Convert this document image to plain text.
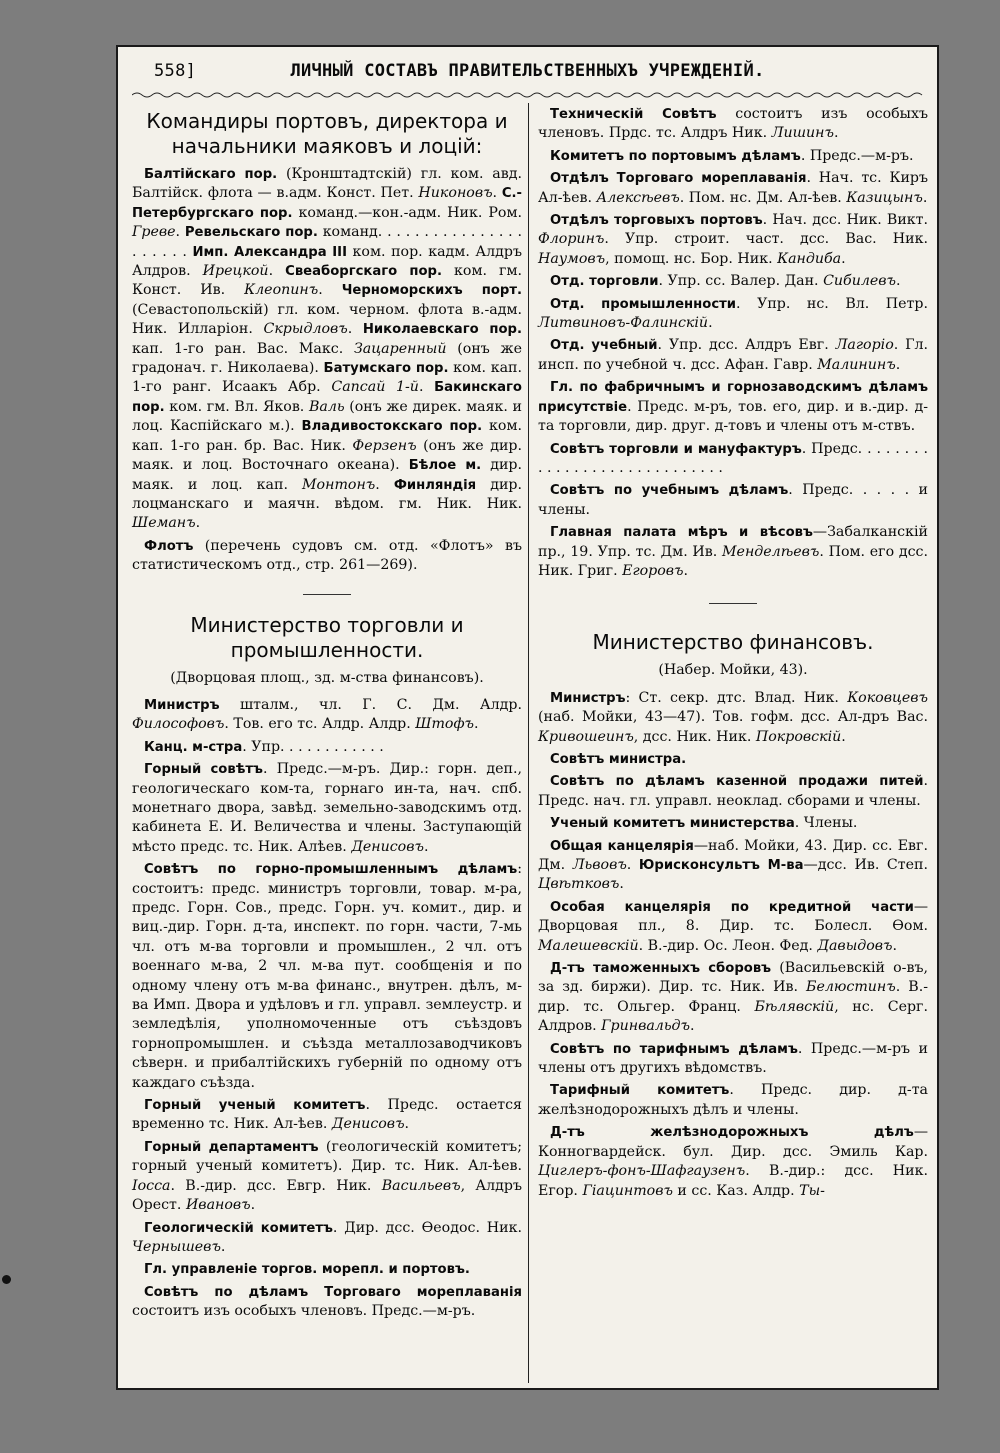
558]	ЛИЧНЫЙ СОСТАВЪ ПРАВИТЕЛЬСТВЕННЫХЪ УЧРЕЖДЕНІЙ.
Командиры портовъ, директора и начальники маяковъ и лоцій:

Балтійскаго пор. (Кронштадтскій) гл. ком. авд. Балтійск. флота — в.адм. Конст. Пет. Никоновъ. С.-Петербургскаго пор. команд.—кон.-адм. Ник. Ром. Греве. Ревельскаго пор. команд. . . . . . . . . . . . . . . . . . . . . . Имп. Александра III ком. пор. кадм. Алдръ Алдров. Ирецкой. Свеаборгскаго пор. ком. гм. Конст. Ив. Клеопинъ. Черноморскихъ порт. (Севастопольскій) гл. ком. черном. флота в.-адм. Ник. Илларіон. Скрыдловъ. Николаевскаго пор. кап. 1-го ран. Вас. Макс. Зацаренный (онъ же градонач. г. Николаева). Батумскаго пор. ком. кап. 1-го ранг. Исаакъ Абр. Сапсай 1-й. Бакинскаго пор. ком. гм. Вл. Яков. Валь (онъ же дирек. маяк. и лоц. Каспійскаго м.). Владивостокскаго пор. ком. кап. 1-го ран. бр. Вас. Ник. Ферзенъ (онъ же дир. маяк. и лоц. Восточнаго океана). Бѣлое м. дир. маяк. и лоц. кап. Монтонъ. Финляндія дир. лоцманскаго и маячн. вѣдом. гм. Ник. Ник. Шеманъ.

Флотъ (перечень судовъ см. отд. «Флотъ» въ статистическомъ отд., стр. 261—269).

Министерство торговли и промышленности.
(Дворцовая площ., зд. м-ства финансовъ).

Министръ шталм., чл. Г. С. Дм. Алдр. Философовъ. Тов. его тс. Алдр. Алдр. Штофъ.

Канц. м-стра. Упр. . . . . . . . . . . .

Горный совѣтъ. Предс.—м-ръ. Дир.: горн. деп., геологическаго ком-та, горнаго ин-та, нач. спб. монетнаго двора, завѣд. земельно-заводскимъ отд. кабинета Е. И. Величества и члены. Заступающій мѣсто предс. тс. Ник. Алѣев. Денисовъ.

Совѣтъ по горно-промышленнымъ дѣламъ: состоитъ: предс. министръ торговли, товар. м-ра, предс. Горн. Сов., предс. Горн. уч. комит., дир. и виц.-дир. Горн. д-та, инспект. по горн. части, 7-мь чл. отъ м-ва торговли и промышлен., 2 чл. отъ военнаго м-ва, 2 чл. м-ва пут. сообщенія и по одному члену отъ м-ва финанс., внутрен. дѣлъ, м-ва Имп. Двора и удѣловъ и гл. управл. землеустр. и земледѣлія, уполномоченные отъ съѣздовъ горнопромышлен. и съѣзда металлозаводчиковъ сѣверн. и прибалтійскихъ губерній по одному отъ каждаго съѣзда.

Горный ученый комитетъ. Предс. остается временно тс. Ник. Ал-ѣев. Денисовъ.

Горный департаментъ (геологическій комитетъ; горный ученый комитетъ). Дир. тс. Ник. Ал-ѣев. Іосса. В.-дир. дсс. Евгр. Ник. Васильевъ, Алдръ Орест. Ивановъ.

Геологическій комитетъ. Дир. дсс. Ѳеодос. Ник. Чернышевъ.

Гл. управленіе торгов. морепл. и портовъ.

Совѣтъ по дѣламъ Торговаго мореплаванія состоитъ изъ особыхъ членовъ. Предс.—м-ръ.

Техническій Совѣтъ состоитъ изъ особыхъ членовъ. Прдс. тс. Алдръ Ник. Лишинъ.

Комитетъ по портовымъ дѣламъ. Предс.—м-ръ.

Отдѣлъ Торговаго мореплаванія. Нач. тс. Киръ Ал-ѣев. Алексѣевъ. Пом. нс. Дм. Ал-ѣев. Казицынъ.

Отдѣлъ торговыхъ портовъ. Нач. дсс. Ник. Викт. Флоринъ. Упр. строит. част. дсс. Вас. Ник. Наумовъ, помощ. нс. Бор. Ник. Кандиба.

Отд. торговли. Упр. сс. Валер. Дан. Сибилевъ.

Отд. промышленности. Упр. нс. Вл. Петр. Литвиновъ-Фалинскій.

Отд. учебный. Упр. дсс. Алдръ Евг. Лагоріо. Гл. инсп. по учебной ч. дсс. Афан. Гавр. Малининъ.

Гл. по фабричнымъ и горнозаводскимъ дѣламъ присутствіе. Предс. м-ръ, тов. его, дир. и в.-дир. д-та торговли, дир. друг. д-товъ и члены отъ м-ствъ.

Совѣтъ торговли и мануфактуръ. Предс. . . . . . . . . . . . . . . . . . . . . . . . . . . . .

Совѣтъ по учебнымъ дѣламъ. Предс. . . . . и члены.

Главная палата мѣръ и вѣсовъ—Забалканскій пр., 19. Упр. тс. Дм. Ив. Менделѣевъ. Пом. его дсс. Ник. Григ. Егоровъ.

Министерство финансовъ.
(Набер. Мойки, 43).

Министръ: Ст. секр. дтс. Влад. Ник. Коковцевъ (наб. Мойки, 43—47). Тов. гофм. дсс. Ал-дръ Вас. Кривошеинъ, дсс. Ник. Ник. Покровскій.

Совѣтъ министра.

Совѣтъ по дѣламъ казенной продажи питей. Предс. нач. гл. управл. неоклад. сборами и члены.

Ученый комитетъ министерства. Члены.

Общая канцелярія—наб. Мойки, 43. Дир. сс. Евг. Дм. Львовъ. Юрисконсультъ М-ва—дсс. Ив. Степ. Цвѣтковъ.

Особая канцелярія по кредитной части—Дворцовая пл., 8. Дир. тс. Болесл. Ѳом. Малешевскій. В.-дир. Ос. Леон. Фед. Давыдовъ.

Д-тъ таможенныхъ сборовъ (Васильевскій о-въ, за зд. биржи). Дир. тс. Ник. Ив. Белюстинъ. В.-дир. тс. Ольгер. Франц. Бѣлявскій, нс. Серг. Алдров. Гринвальдъ.

Совѣтъ по тарифнымъ дѣламъ. Предс.—м-ръ и члены отъ другихъ вѣдомствъ.

Тарифный комитетъ. Предс. дир. д-та желѣзнодорожныхъ дѣлъ и члены.

Д-тъ желѣзнодорожныхъ дѣлъ—Конногвардейск. бул. Дир. дсс. Эмиль Кар. Циглеръ-фонъ-Шафгаузенъ. В.-дир.: дсс. Ник. Егор. Гіацинтовъ и сс. Каз. Алдр. Ты-
